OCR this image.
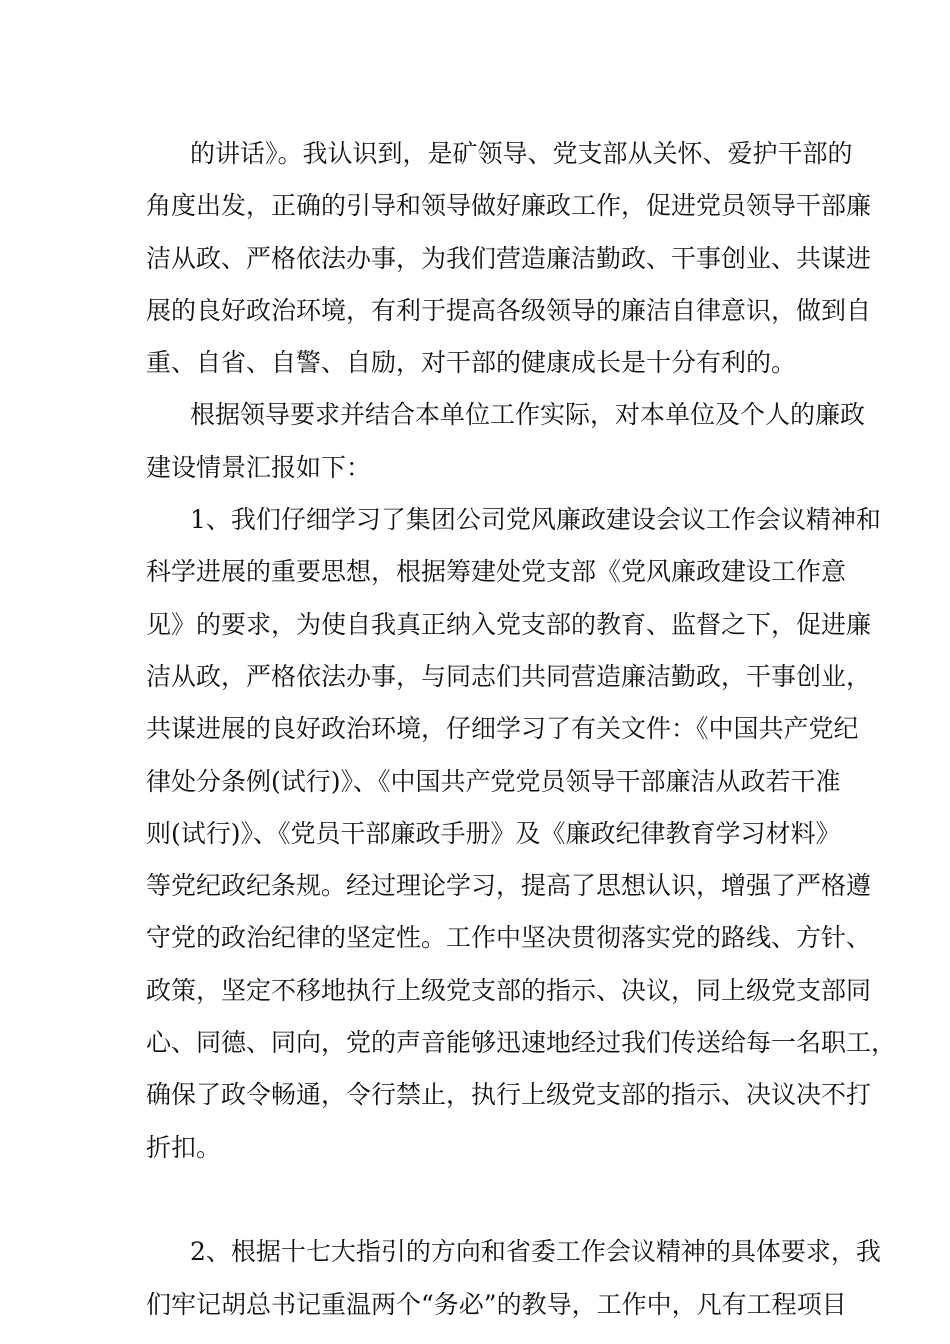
的讲话》。我认识到，是矿领导、党支部从关怀、爱护干部的
角度出发，正确的引导和领导做好廉政工作，促进党员领导干部廉
洁从政、严格依法办事，为我们营造廉洁勤政、干事创业、共谋进
展的良好政治环境，有利于提高各级领导的廉洁自律意识，做到自
重、自省、自警、自励，对干部的健康成长是十分有利的。
根据领导要求并结合本单位工作实际，对本单位及个人的廉政
建设情景汇报如下：
1、我们仔细学习了集团公司党风廉政建设会议工作会议精神和
科学进展的重要思想，根据筹建处党支部《党风廉政建设工作意
见》的要求，为使自我真正纳入党支部的教育、监督之下，促进廉
洁从政，严格依法办事，与同志们共同营造廉洁勤政，干事创业，
共谋进展的良好政治环境，仔细学习了有关文件：《中国共产党纪
律处分条例(试行)》、《中国共产党党员领导干部廉洁从政若干准
则(试行)》、《党员干部廉政手册》及《廉政纪律教育学习材料》
等党纪政纪条规。经过理论学习，提高了思想认识，增强了严格遵
守党的政治纪律的坚定性。工作中坚决贯彻落实党的路线、方针、
政策，坚定不移地执行上级党支部的指示、决议，同上级党支部同
心、同德、同向，党的声音能够迅速地经过我们传送给每一名职工，
确保了政令畅通，令行禁止，执行上级党支部的指示、决议决不打
折扣。
2、根据十七大指引的方向和省委工作会议精神的具体要求，我
们牢记胡总书记重温两个“务必”的教导，工作中，凡有工程项目
